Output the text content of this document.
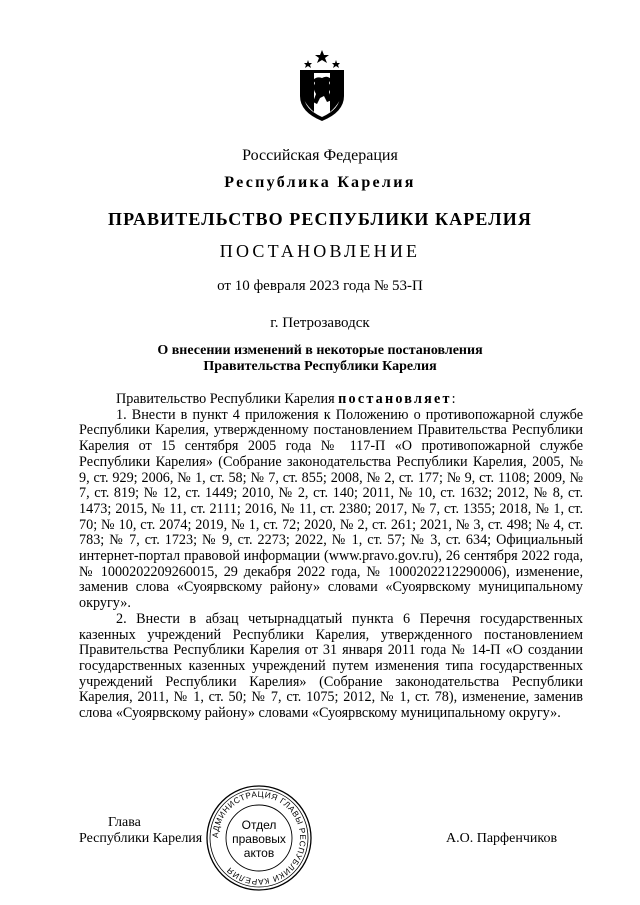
Российская Федерация
Республика Карелия
ПРАВИТЕЛЬСТВО РЕСПУБЛИКИ КАРЕЛИЯ
ПОСТАНОВЛЕНИЕ
от 10 февраля 2023 года № 53-П
г. Петрозаводск
О внесении изменений в некоторые постановления
Правительства Республики Карелия

Правительство Республики Карелия постановляет:

1. Внести в пункт 4 приложения к Положению о противопожарной службе Республики Карелия, утвержденному постановлением Правительства Республики Карелия от 15 сентября 2005 года № 117-П «О противопожарной службе Республики Карелия» (Собрание законодательства Республики Карелия, 2005, № 9, ст. 929; 2006, № 1, ст. 58; № 7, ст. 855; 2008, № 2, ст. 177; № 9, ст. 1108; 2009, № 7, ст. 819; № 12, ст. 1449; 2010, № 2, ст. 140; 2011, № 10, ст. 1632; 2012, № 8, ст. 1473; 2015, № 11, ст. 2111; 2016, № 11, ст. 2380; 2017, № 7, ст. 1355; 2018, № 1, ст. 70; № 10, ст. 2074; 2019, № 1, ст. 72; 2020, № 2, ст. 261; 2021, № 3, ст. 498; № 4, ст. 783; № 7, ст. 1723; № 9, ст. 2273; 2022, № 1, ст. 57; № 3, ст. 634; Официальный интернет-портал правовой информации (www.pravo.gov.ru), 26 сентября 2022 года, № 1000202209260015, 29 декабря 2022 года, № 1000202212290006), изменение, заменив слова «Суоярвскому району» словами «Суоярвскому муниципальному округу».

2. Внести в абзац четырнадцатый пункта 6 Перечня государственных казенных учреждений Республики Карелия, утвержденного постановлением Правительства Республики Карелия от 31 января 2011 года № 14-П «О создании государственных казенных учреждений путем изменения типа государственных учреждений Республики Карелия» (Собрание законодательства Республики Карелия, 2011, № 1, ст. 50; № 7, ст. 1075; 2012, № 1, ст. 78), изменение, заменив слова «Суоярвскому району» словами «Суоярвскому муниципальному округу».

Глава
Республики Карелия	А.О. Парфенчиков
АДМИНИСТРАЦИЯ ГЛАВЫ РЕСПУБЛИКИ КАРЕЛИЯ
Отдел
правовых
актов
